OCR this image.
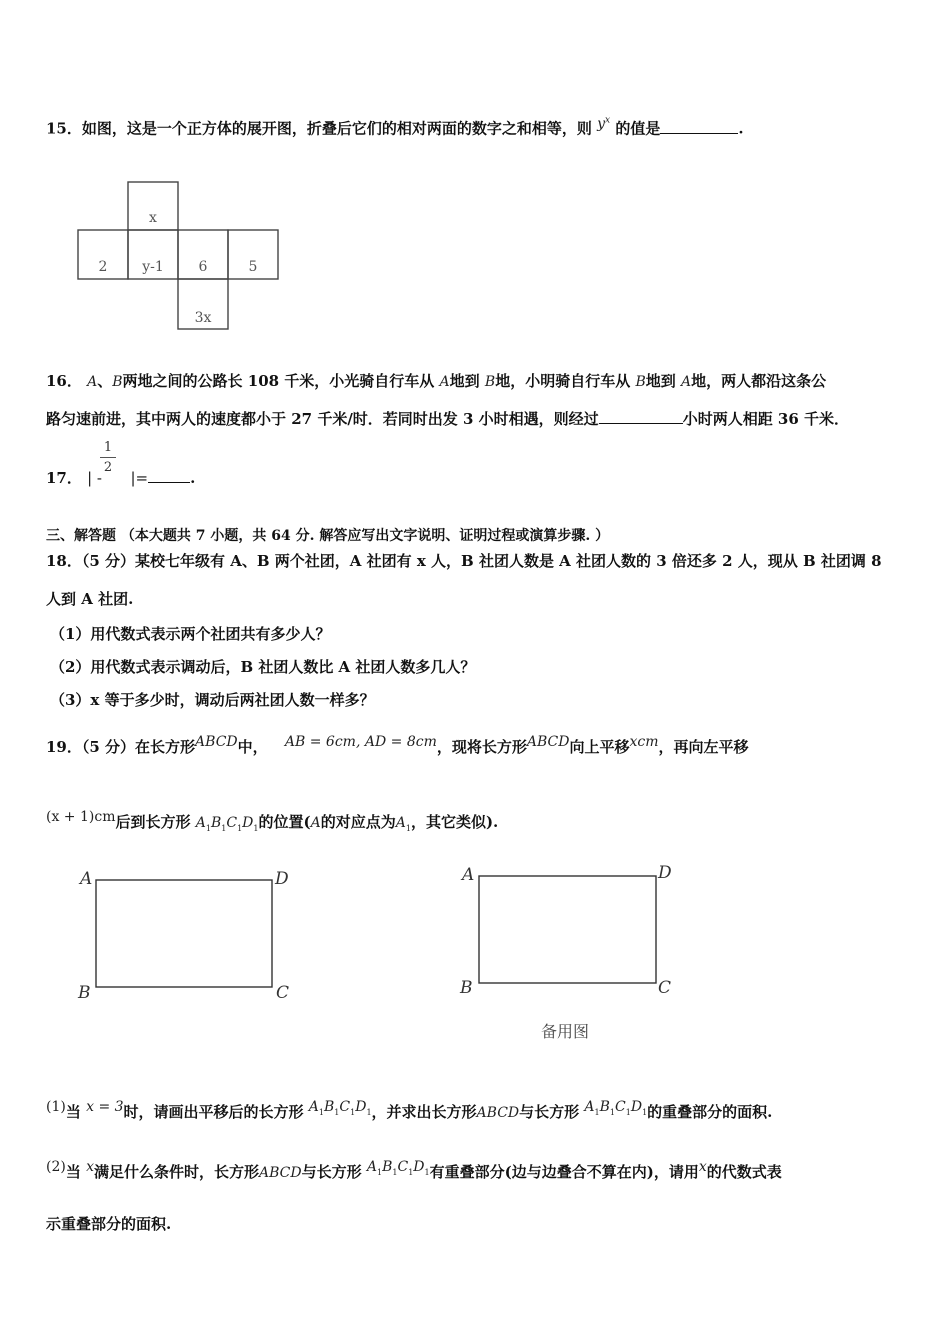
15．如图，这是一个正方体的展开图，折叠后它们的相对两面的数字之和相等，则 $y^x$ 的值是	.
x
2 y-1 6	5
3x
16． A、B两地之间的公路长 108 千米，小光骑自行车从 A地到 B地，小明骑自行车从 B地到 A地，两人都沿这条公
路匀速前进，其中两人的速度都小于 27 千米/时．若同时出发 3 小时相遇，则经过	小时两人相距 36 千米．
17． | - |=	.
1
2
三、解答题 （本大题共 7 小题，共 64 分. 解答应写出文字说明、证明过程或演算步骤. ）
18．（5 分）某校七年级有 A、B 两个社团，A 社团有 x 人，B 社团人数是 A 社团人数的 3 倍还多 2 人，现从 B 社团调 8
人到 A 社团.
（1）用代数式表示两个社团共有多少人？
（2）用代数式表示调动后，B 社团人数比 A 社团人数多几人？
（3）x 等于多少时，调动后两社团人数一样多？
19．（5 分）在长方形ABCD中， AB = 6cm, AD = 8cm，现将长方形ABCD向上平移xcm，再向左平移
(x + 1)cm后到长方形 $A_1B_1C_1D_1$的位置(A的对应点为$A_1$，其它类似).
A	D
B	C
A	D
B	C
备用图
(1)当 x = 3时，请画出平移后的长方形 $A_1B_1C_1D_1$，并求出长方形ABCD与长方形 $A_1B_1C_1D_1$的重叠部分的面积.
(2)当 x满足什么条件时，长方形ABCD与长方形 $A_1B_1C_1D_1$有重叠部分(边与边叠合不算在内)，请用x的代数式表
示重叠部分的面积.
